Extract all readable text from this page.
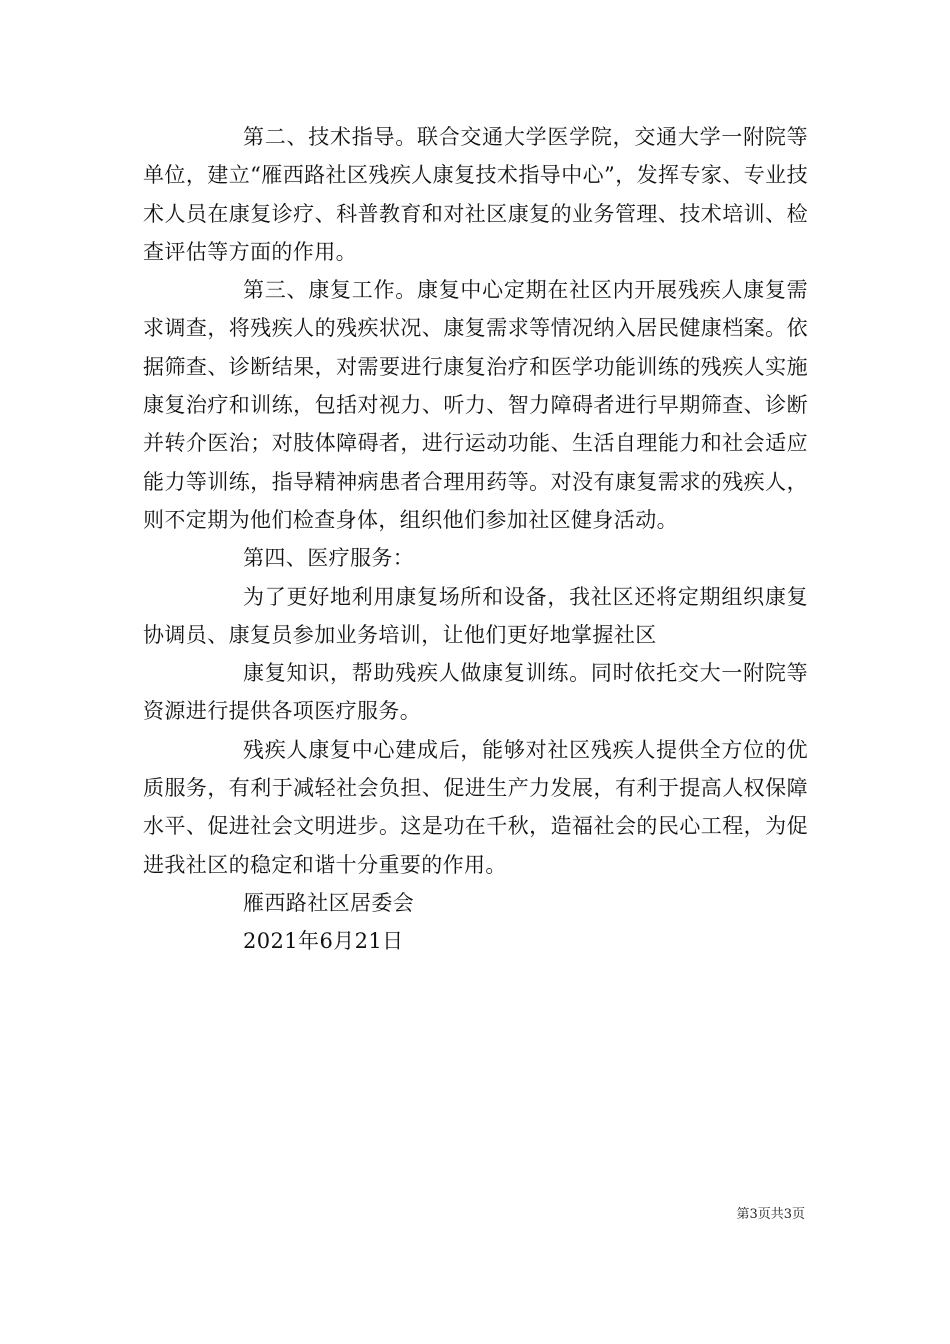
第二、技术指导。联合交通大学医学院，交通大学一附院等单位，建立“雁西路社区残疾人康复技术指导中心”，发挥专家、专业技术人员在康复诊疗、科普教育和对社区康复的业务管理、技术培训、检查评估等方面的作用。

第三、康复工作。康复中心定期在社区内开展残疾人康复需求调查，将残疾人的残疾状况、康复需求等情况纳入居民健康档案。依据筛查、诊断结果，对需要进行康复治疗和医学功能训练的残疾人实施康复治疗和训练，包括对视力、听力、智力障碍者进行早期筛查、诊断并转介医治；对肢体障碍者，进行运动功能、生活自理能力和社会适应能力等训练，指导精神病患者合理用药等。对没有康复需求的残疾人，则不定期为他们检查身体，组织他们参加社区健身活动。

第四、医疗服务：

为了更好地利用康复场所和设备，我社区还将定期组织康复协调员、康复员参加业务培训，让他们更好地掌握社区

康复知识，帮助残疾人做康复训练。同时依托交大一附院等资源进行提供各项医疗服务。

残疾人康复中心建成后，能够对社区残疾人提供全方位的优质服务，有利于减轻社会负担、促进生产力发展，有利于提高人权保障水平、促进社会文明进步。这是功在千秋，造福社会的民心工程，为促进我社区的稳定和谐十分重要的作用。

雁西路社区居委会

2021年6月21日

第3页共3页
